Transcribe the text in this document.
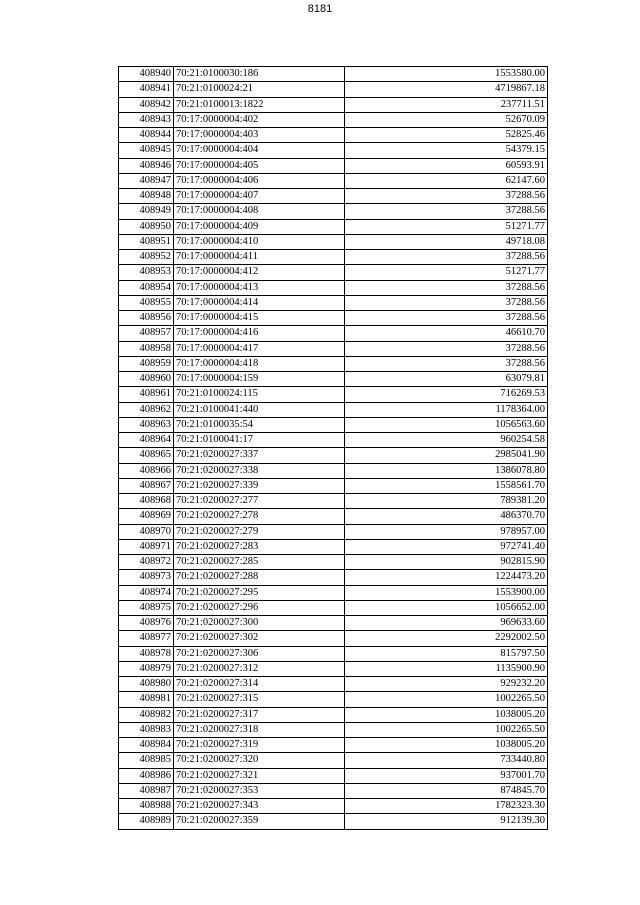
8181
408940	70:21:0100030:186	1553580.00
408941	70:21:0100024:21	4719867.18
408942	70:21:0100013:1822	237711.51
408943	70:17:0000004:402	52670.09
408944	70:17:0000004:403	52825.46
408945	70:17:0000004:404	54379.15
408946	70:17:0000004:405	60593.91
408947	70:17:0000004:406	62147.60
408948	70:17:0000004:407	37288.56
408949	70:17:0000004:408	37288.56
408950	70:17:0000004:409	51271.77
408951	70:17:0000004:410	49718.08
408952	70:17:0000004:411	37288.56
408953	70:17:0000004:412	51271.77
408954	70:17:0000004:413	37288.56
408955	70:17:0000004:414	37288.56
408956	70:17:0000004:415	37288.56
408957	70:17:0000004:416	46610.70
408958	70:17:0000004:417	37288.56
408959	70:17:0000004:418	37288.56
408960	70:17:0000004:159	63079.81
408961	70:21:0100024:115	716269.53
408962	70:21:0100041:440	1178364.00
408963	70:21:0100035:54	1056563.60
408964	70:21:0100041:17	960254.58
408965	70:21:0200027:337	2985041.90
408966	70:21:0200027:338	1386078.80
408967	70:21:0200027:339	1558561.70
408968	70:21:0200027:277	789381.20
408969	70:21:0200027:278	486370.70
408970	70:21:0200027:279	978957.00
408971	70:21:0200027:283	972741.40
408972	70:21:0200027:285	902815.90
408973	70:21:0200027:288	1224473.20
408974	70:21:0200027:295	1553900.00
408975	70:21:0200027:296	1056652.00
408976	70:21:0200027:300	969633.60
408977	70:21:0200027:302	2292002.50
408978	70:21:0200027:306	815797.50
408979	70:21:0200027:312	1135900.90
408980	70:21:0200027:314	929232.20
408981	70:21:0200027:315	1002265.50
408982	70:21:0200027:317	1038005.20
408983	70:21:0200027:318	1002265.50
408984	70:21:0200027:319	1038005.20
408985	70:21:0200027:320	733440.80
408986	70:21:0200027:321	937001.70
408987	70:21:0200027:353	874845.70
408988	70:21:0200027:343	1782323.30
408989	70:21:0200027:359	912139.30
